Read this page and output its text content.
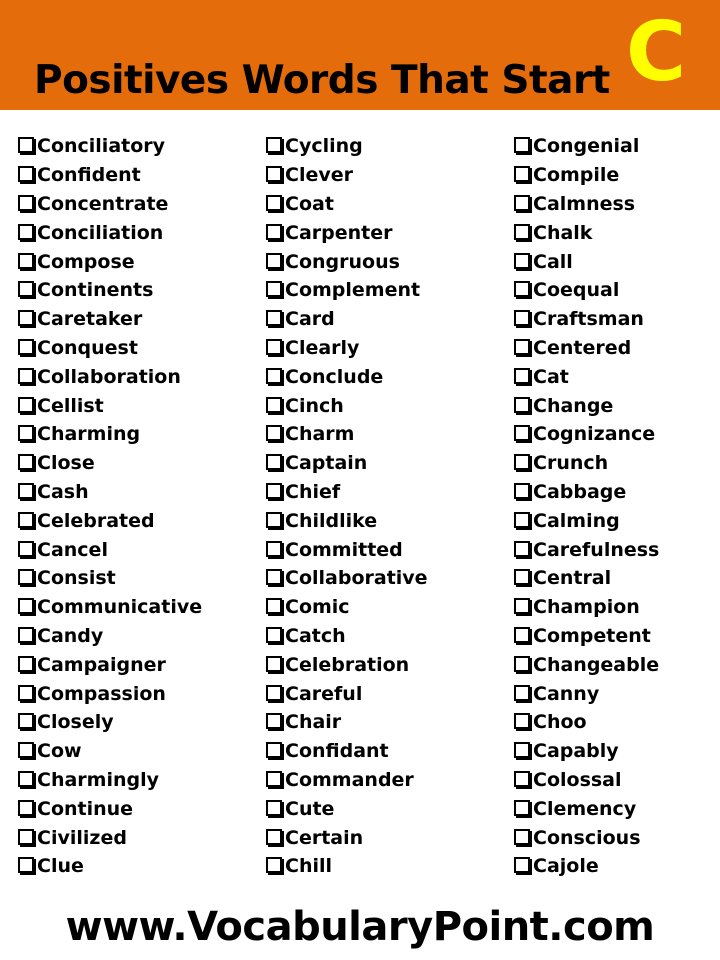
Positives Words That Start C
Conciliatory
Confident
Concentrate
Conciliation
Compose
Continents
Caretaker
Conquest
Collaboration
Cellist
Charming
Close
Cash
Celebrated
Cancel
Consist
Communicative
Candy
Campaigner
Compassion
Closely
Cow
Charmingly
Continue
Civilized
Clue
Cycling
Clever
Coat
Carpenter
Congruous
Complement
Card
Clearly
Conclude
Cinch
Charm
Captain
Chief
Childlike
Committed
Collaborative
Comic
Catch
Celebration
Careful
Chair
Confidant
Commander
Cute
Certain
Chill
Congenial
Compile
Calmness
Chalk
Call
Coequal
Craftsman
Centered
Cat
Change
Cognizance
Crunch
Cabbage
Calming
Carefulness
Central
Champion
Competent
Changeable
Canny
Choo
Capably
Colossal
Clemency
Conscious
Cajole
www.VocabularyPoint.com
